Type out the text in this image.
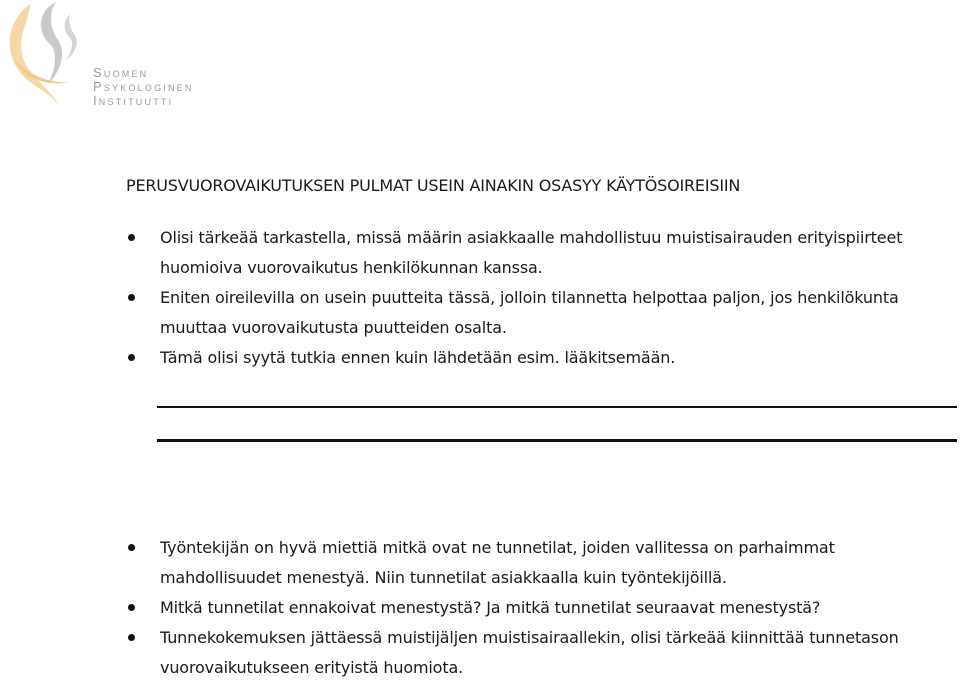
Suomen
Psykologinen
Instituutti
PERUSVUOROVAIKUTUKSEN PULMAT USEIN AINAKIN OSASYY KÄYTÖSOIREISIIN
Olisi tärkeää tarkastella, missä määrin asiakkaalle mahdollistuu muistisairauden erityispiirteet huomioiva vuorovaikutus henkilökunnan kanssa.
Eniten oireilevilla on usein puutteita tässä, jolloin tilannetta helpottaa paljon, jos henkilökunta muuttaa vuorovaikutusta puutteiden osalta.
Tämä olisi syytä tutkia ennen kuin lähdetään esim. lääkitsemään.
Työntekijän on hyvä miettiä mitkä ovat ne tunnetilat, joiden vallitessa on parhaimmat mahdollisuudet menestyä. Niin tunnetilat asiakkaalla kuin työntekijöillä.
Mitkä tunnetilat ennakoivat menestystä? Ja mitkä tunnetilat seuraavat menestystä?
Tunnekokemuksen jättäessä muistijäljen muistisairaallekin, olisi tärkeää kiinnittää tunnetason vuorovaikutukseen erityistä huomiota.
